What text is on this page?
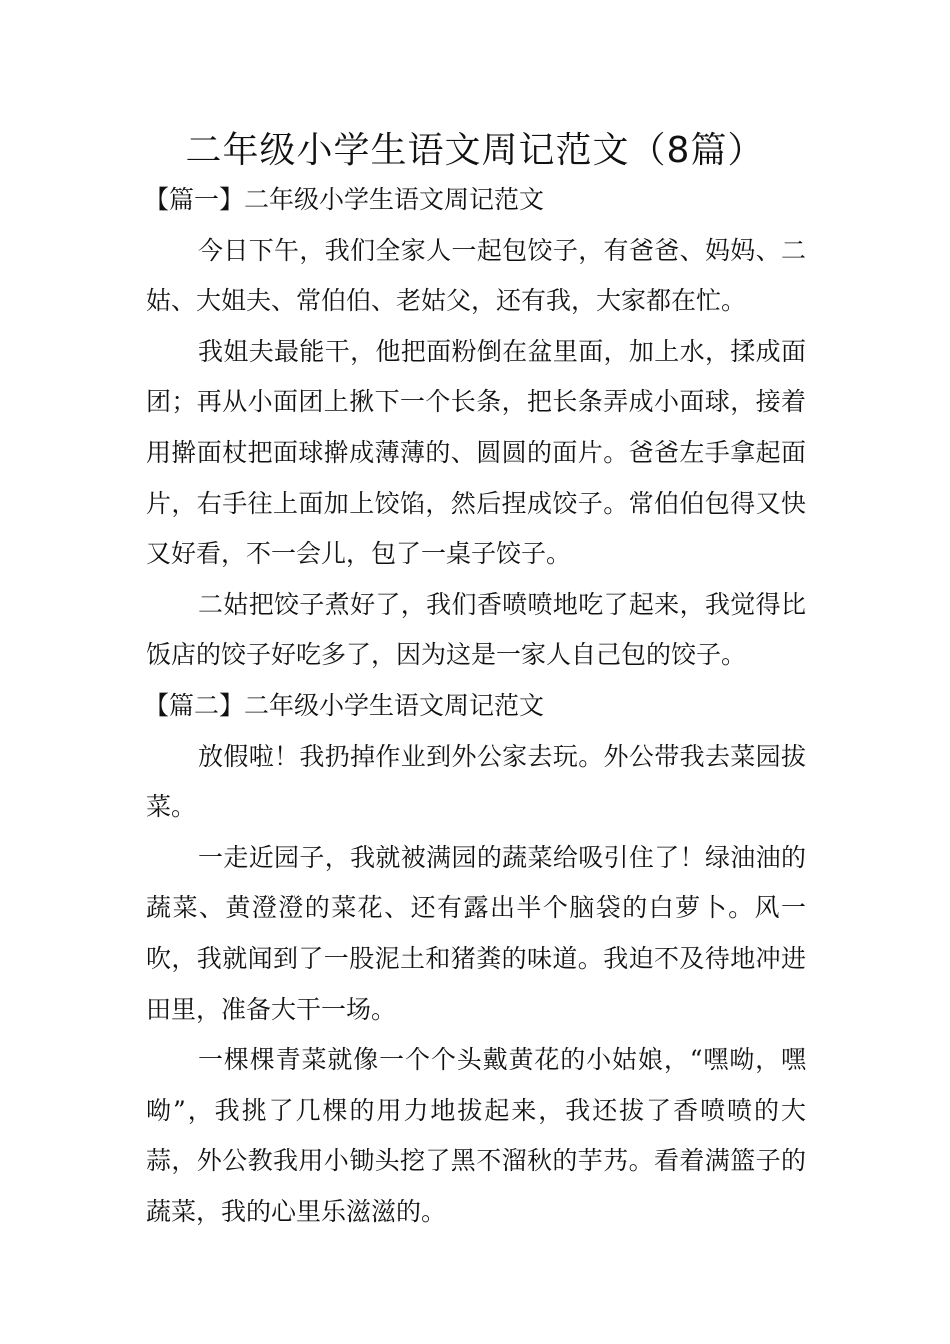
二年级小学生语文周记范文（8篇）

【篇一】二年级小学生语文周记范文

今日下午，我们全家人一起包饺子，有爸爸、妈妈、二姑、大姐夫、常伯伯、老姑父，还有我，大家都在忙。

我姐夫最能干，他把面粉倒在盆里面，加上水，揉成面团；再从小面团上揪下一个长条，把长条弄成小面球，接着用擀面杖把面球擀成薄薄的、圆圆的面片。爸爸左手拿起面片，右手往上面加上饺馅，然后捏成饺子。常伯伯包得又快又好看，不一会儿，包了一桌子饺子。

二姑把饺子煮好了，我们香喷喷地吃了起来，我觉得比饭店的饺子好吃多了，因为这是一家人自己包的饺子。

【篇二】二年级小学生语文周记范文

放假啦！我扔掉作业到外公家去玩。外公带我去菜园拔菜。

一走近园子，我就被满园的蔬菜给吸引住了！绿油油的蔬菜、黄澄澄的菜花、还有露出半个脑袋的白萝卜。风一吹，我就闻到了一股泥土和猪粪的味道。我迫不及待地冲进田里，准备大干一场。

一棵棵青菜就像一个个头戴黄花的小姑娘，“嘿呦，嘿呦”，我挑了几棵的用力地拔起来，我还拔了香喷喷的大蒜，外公教我用小锄头挖了黑不溜秋的芋艿。看着满篮子的蔬菜，我的心里乐滋滋的。
